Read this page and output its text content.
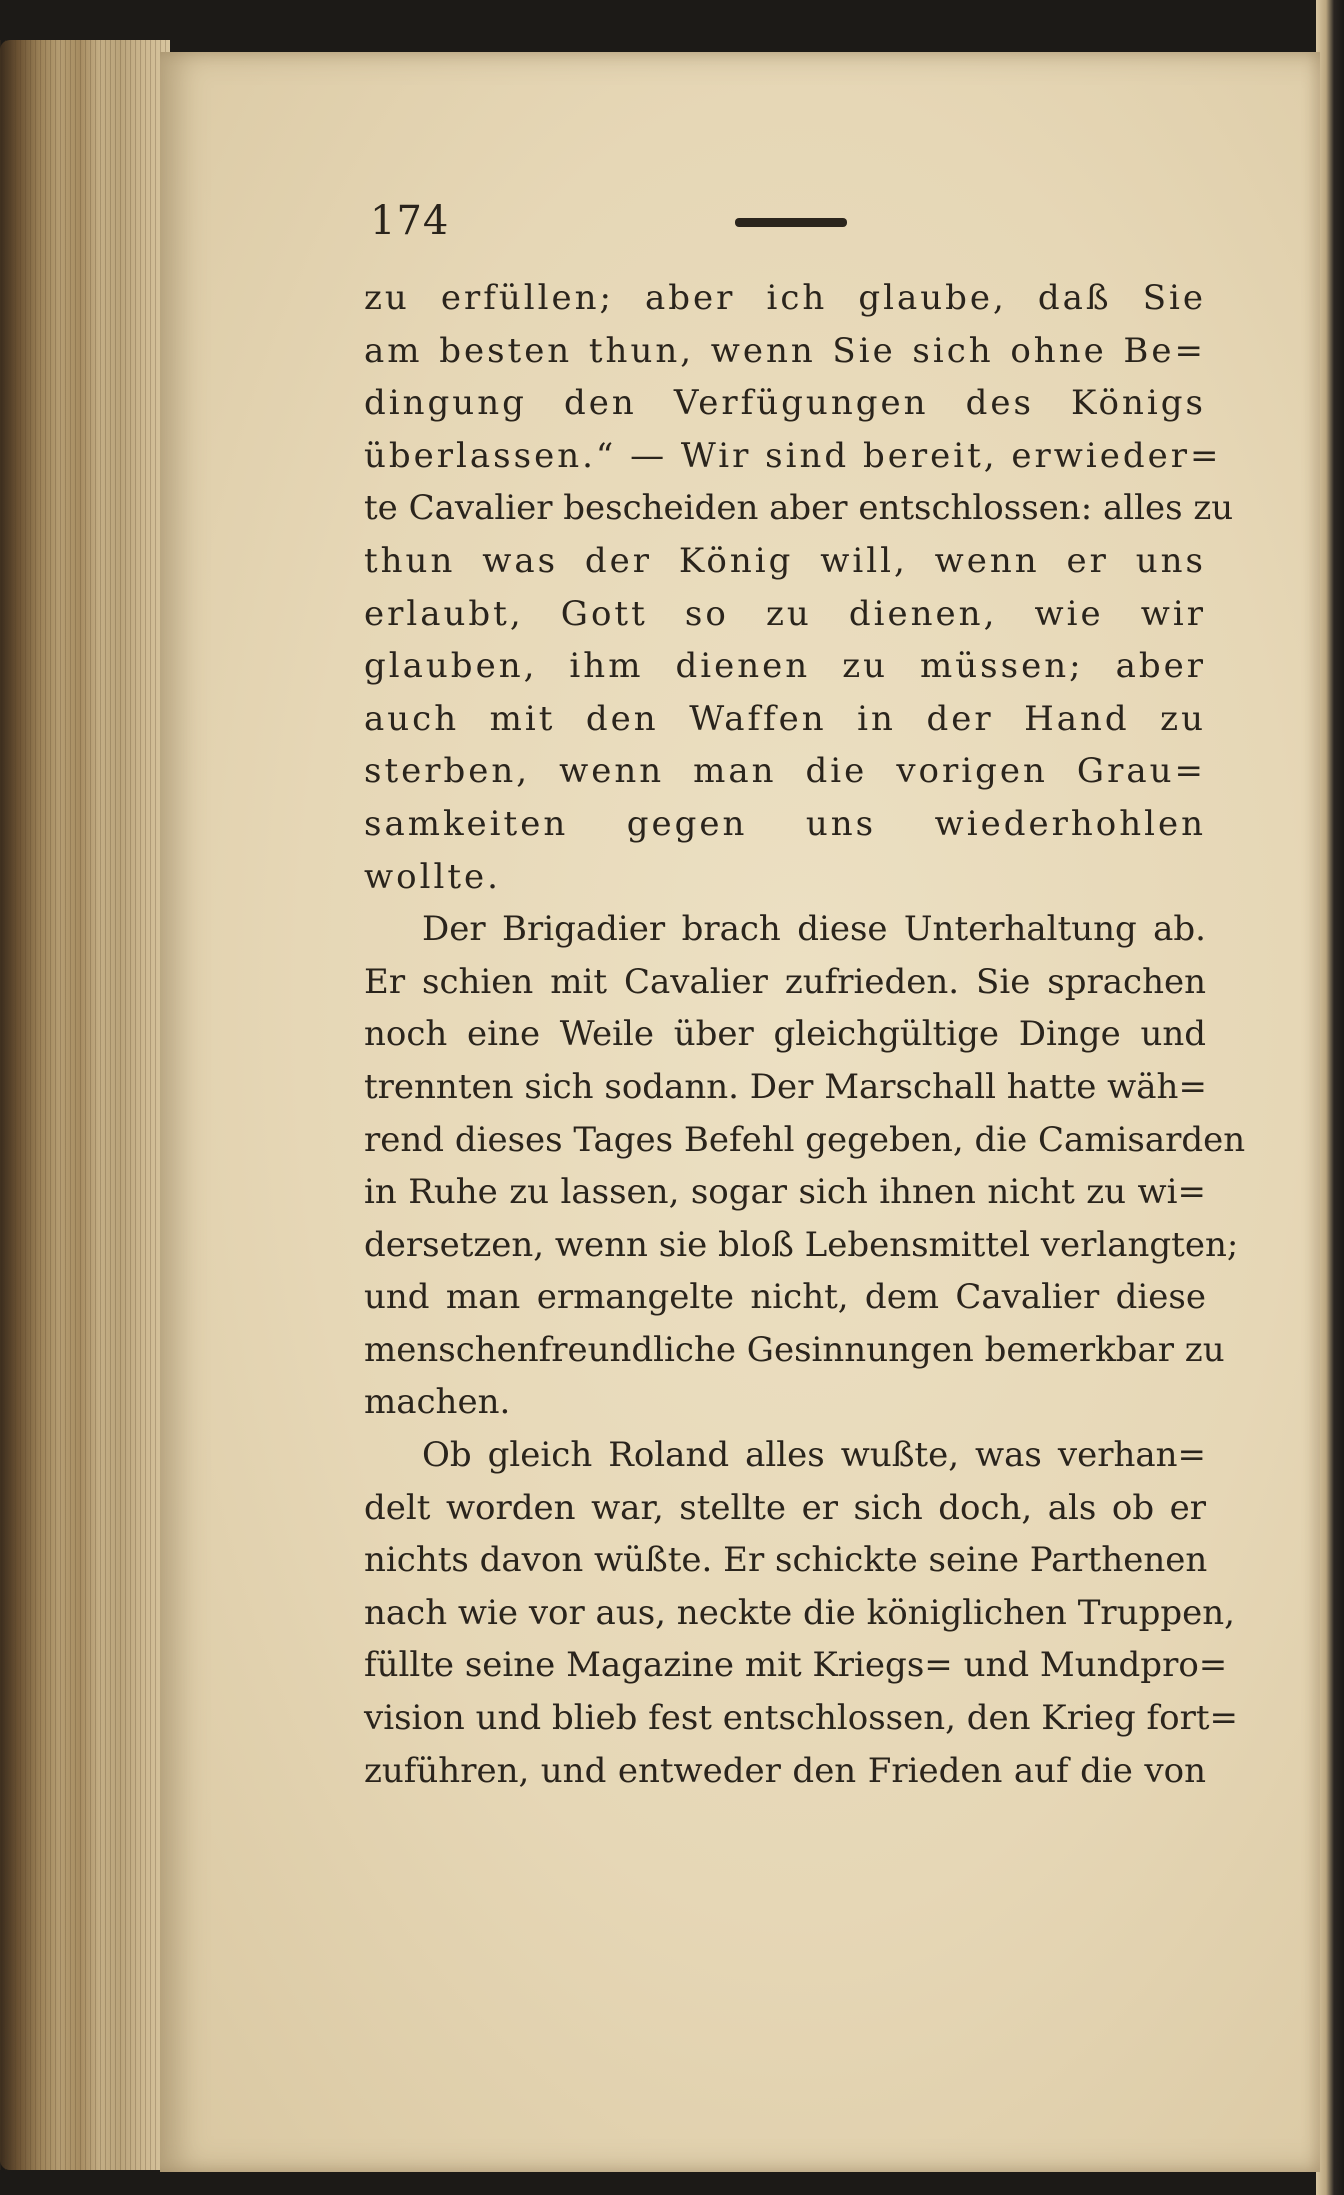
174
zu erfüllen; aber ich glaube, daß Sie
am besten thun, wenn Sie sich ohne Be=
dingung den Verfügungen des Königs
überlassen.“ — Wir sind bereit, erwieder=
te Cavalier bescheiden aber entschlossen: alles zu
thun was der König will, wenn er uns
erlaubt, Gott so zu dienen, wie wir
glauben, ihm dienen zu müssen; aber
auch mit den Waffen in der Hand zu
sterben, wenn man die vorigen Grau=
samkeiten gegen uns wiederhohlen
wollte.
Der Brigadier brach diese Unterhaltung ab.
Er schien mit Cavalier zufrieden. Sie sprachen
noch eine Weile über gleichgültige Dinge und
trennten sich sodann. Der Marschall hatte wäh=
rend dieses Tages Befehl gegeben, die Camisarden
in Ruhe zu lassen, sogar sich ihnen nicht zu wi=
dersetzen, wenn sie bloß Lebensmittel verlangten;
und man ermangelte nicht, dem Cavalier diese
menschenfreundliche Gesinnungen bemerkbar zu
machen.
Ob gleich Roland alles wußte, was verhan=
delt worden war, stellte er sich doch, als ob er
nichts davon wüßte. Er schickte seine Parthenen
nach wie vor aus, neckte die königlichen Truppen,
füllte seine Magazine mit Kriegs= und Mundpro=
vision und blieb fest entschlossen, den Krieg fort=
zuführen, und entweder den Frieden auf die von
